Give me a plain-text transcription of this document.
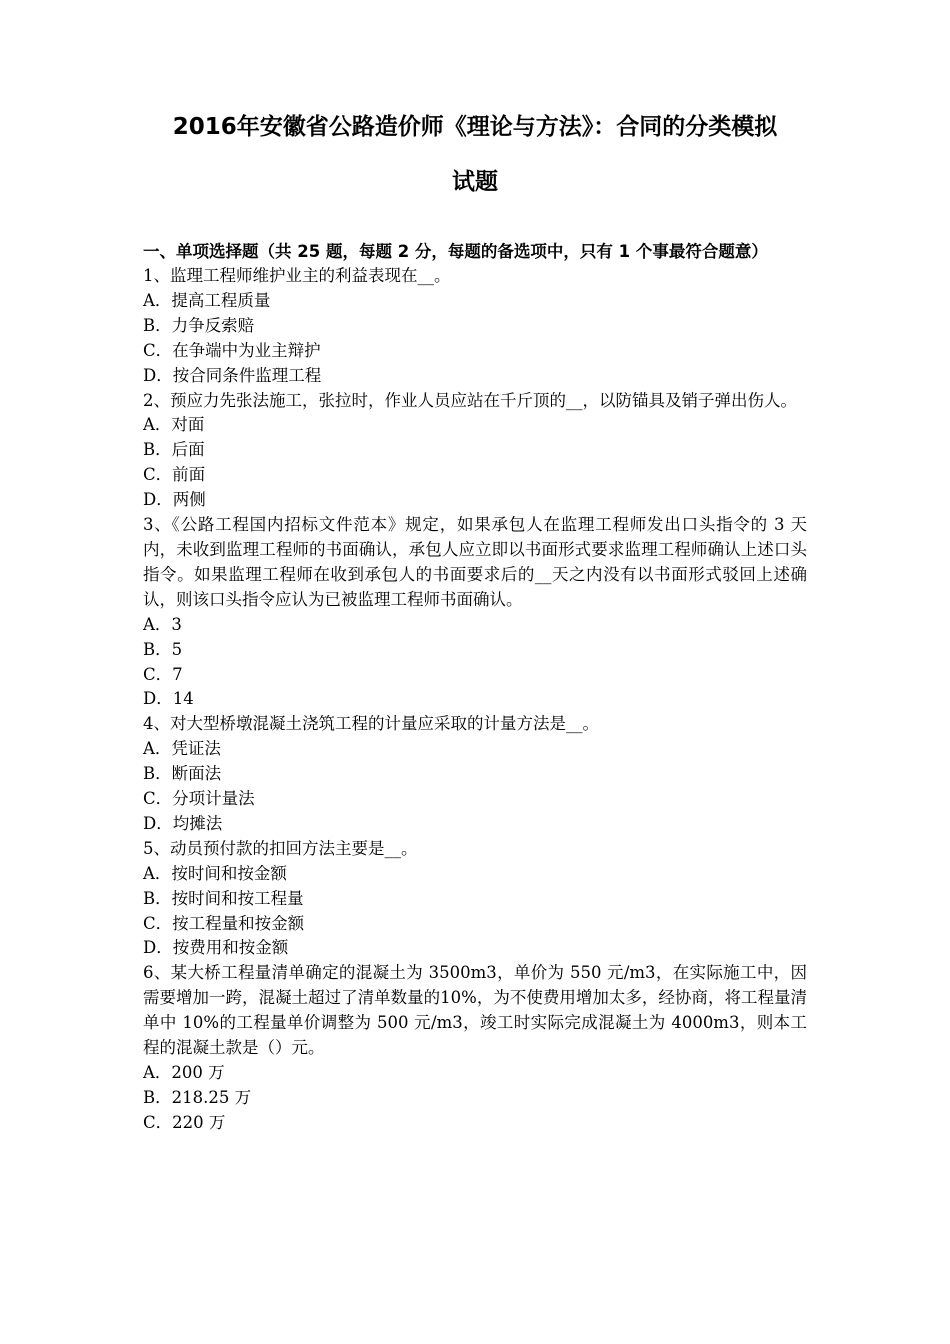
2016年安徽省公路造价师《理论与方法》：合同的分类模拟
试题
一、单项选择题（共 25 题，每题 2 分，每题的备选项中，只有 1 个事最符合题意）
1、监理工程师维护业主的利益表现在__。
A．提高工程质量
B．力争反索赔
C．在争端中为业主辩护
D．按合同条件监理工程
2、预应力先张法施工，张拉时，作业人员应站在千斤顶的__，以防锚具及销子弹出伤人。
A．对面
B．后面
C．前面
D．两侧
3、《公路工程国内招标文件范本》规定，如果承包人在监理工程师发出口头指令的 3 天内，未收到监理工程师的书面确认，承包人应立即以书面形式要求监理工程师确认上述口头指令。如果监理工程师在收到承包人的书面要求后的__天之内没有以书面形式驳回上述确认，则该口头指令应认为已被监理工程师书面确认。
A．3
B．5
C．7
D．14
4、对大型桥墩混凝土浇筑工程的计量应采取的计量方法是__。
A．凭证法
B．断面法
C．分项计量法
D．均摊法
5、动员预付款的扣回方法主要是__。
A．按时间和按金额
B．按时间和按工程量
C．按工程量和按金额
D．按费用和按金额
6、某大桥工程量清单确定的混凝土为 3500m3，单价为 550 元/m3，在实际施工中，因需要增加一跨，混凝土超过了清单数量的10%，为不使费用增加太多，经协商，将工程量清单中 10%的工程量单价调整为 500 元/m3，竣工时实际完成混凝土为 4000m3，则本工程的混凝土款是（）元。
A．200 万
B．218.25 万
C．220 万
